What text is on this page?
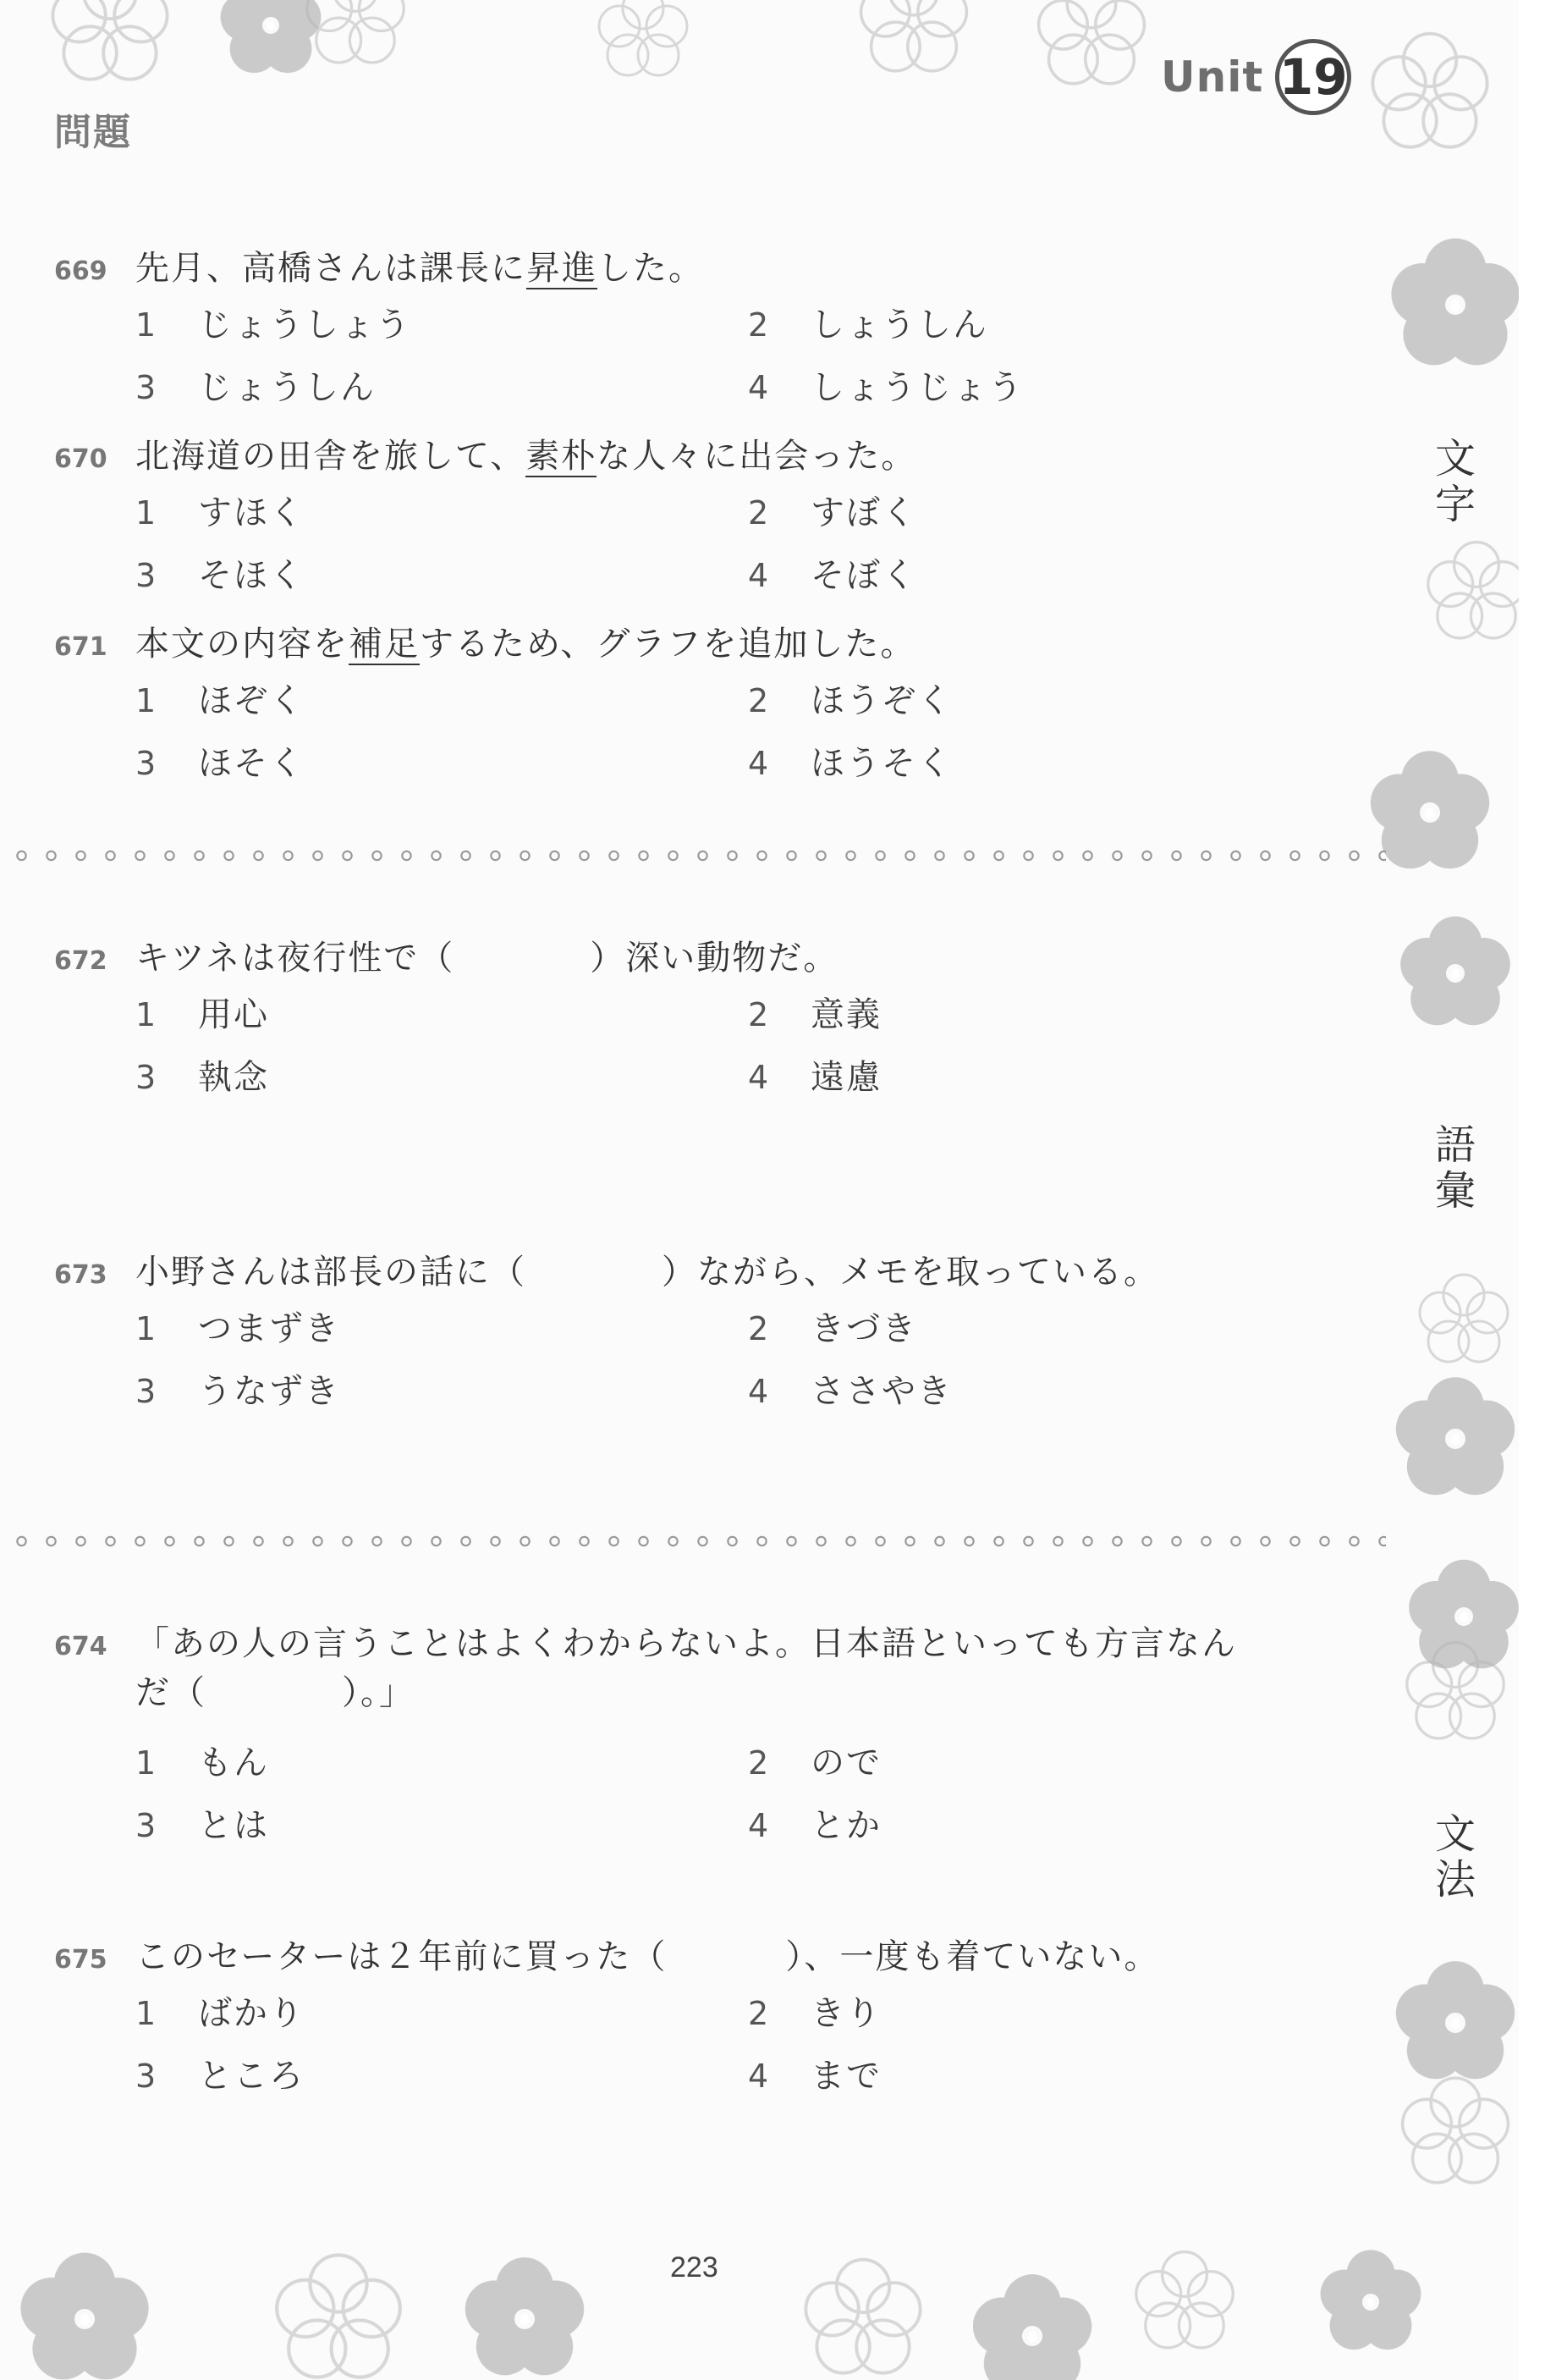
Unit 19
問題
文字
語彙
文法
669 先月、高橋さんは課長に昇進した。
1	じょうしょう	2	しょうしん
3	じょうしん	4	しょうじょう
670 北海道の田舎を旅して、素朴な人々に出会った。
1	すほく	2	すぼく
3	そほく	4	そぼく
671 本文の内容を補足するため、グラフを追加した。
1	ほぞく	2	ほうぞく
3	ほそく	4	ほうそく
672 キツネは夜行性で（	）深い動物だ。
1	用心	2	意義
3	執念	4	遠慮
673 小野さんは部長の話に（	）ながら、メモを取っている。
1	つまずき	2	きづき
3	うなずき	4	ささやき
674 「あの人の言うことはよくわからないよ。日本語といっても方言なん
だ（	）。」
1	もん	2	ので
3	とは	4	とか
675 このセーターは２年前に買った（	）、一度も着ていない。
1	ばかり	2	きり
3	ところ	4	まで
223
